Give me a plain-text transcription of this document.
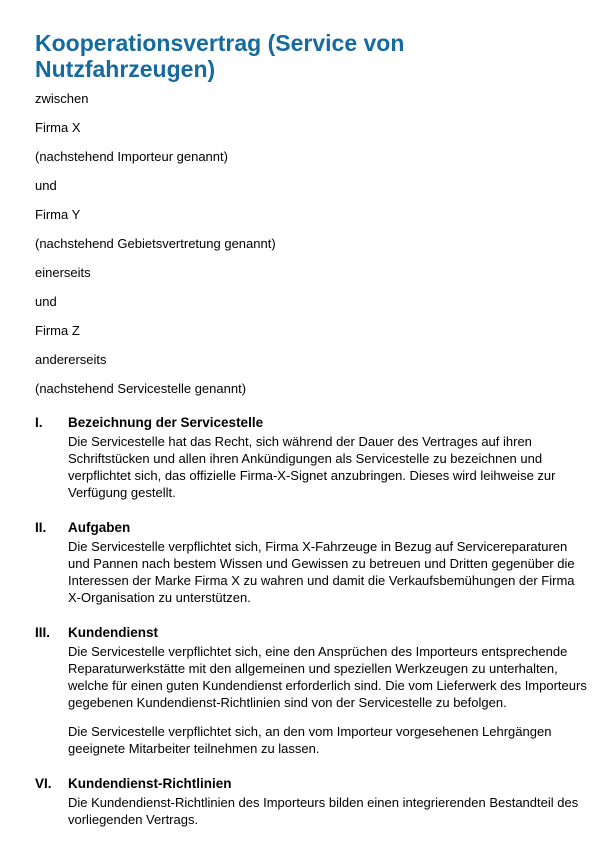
Kooperationsvertrag (Service von Nutzfahrzeugen)

zwischen

Firma X

(nachstehend Importeur genannt)

und

Firma Y

(nachstehend Gebietsvertretung genannt)

einerseits

und

Firma Z

andererseits

(nachstehend Servicestelle genannt)

I.	Bezeichnung der Servicestelle

Die Servicestelle hat das Recht, sich während der Dauer des Vertrages auf ihren Schriftstücken und allen ihren Ankündigungen als Servicestelle zu bezeichnen und verpflichtet sich, das offizielle Firma-X-Signet anzubringen. Dieses wird leihweise zur Verfügung gestellt.

II.	Aufgaben

Die Servicestelle verpflichtet sich, Firma X-Fahrzeuge in Bezug auf Servicereparaturen und Pannen nach bestem Wissen und Gewissen zu betreuen und Dritten gegenüber die Interessen der Marke Firma X zu wahren und damit die Verkaufsbemühungen der Firma X-Organisation zu unterstützen.

III.	Kundendienst

Die Servicestelle verpflichtet sich, eine den Ansprüchen des Importeurs entsprechende Reparaturwerkstätte mit den allgemeinen und speziellen Werkzeugen zu unterhalten, welche für einen guten Kundendienst erforderlich sind. Die vom Lieferwerk des Importeurs gegebenen Kundendienst-Richtlinien sind von der Servicestelle zu befolgen.

Die Servicestelle verpflichtet sich, an den vom Importeur vorgesehenen Lehrgängen geeignete Mitarbeiter teilnehmen zu lassen.

VI.	Kundendienst-Richtlinien

Die Kundendienst-Richtlinien des Importeurs bilden einen integrierenden Bestandteil des vorliegenden Vertrags.
